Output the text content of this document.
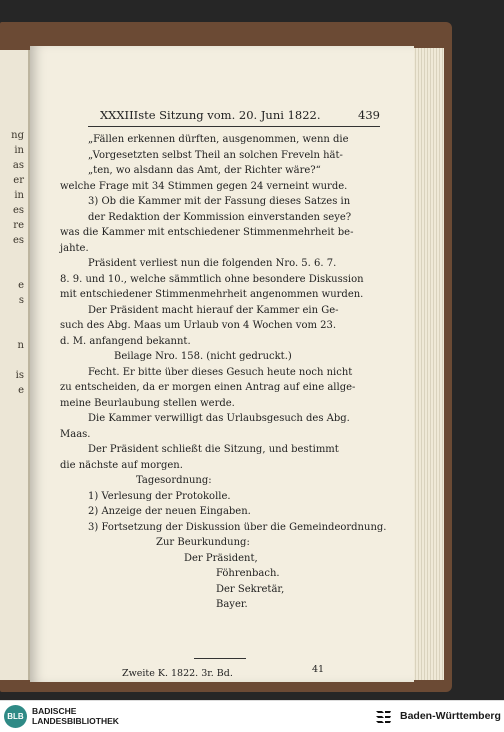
ng
in
as
er
in
es
re
es
e
s
n
is
e
XXXIIIste Sitzung vom. 20. Juni 1822.	439

„Fällen erkennen dürften, ausgenommen, wenn die

„Vorgesetzten selbst Theil an solchen Freveln hät-

„ten, wo alsdann das Amt, der Richter wäre?“

welche Frage mit 34 Stimmen gegen 24 verneint wurde.

3) Ob die Kammer mit der Fassung dieses Satzes in

der Redaktion der Kommission einverstanden seye?

was die Kammer mit entschiedener Stimmenmehrheit be-

jahte.

Präsident verliest nun die folgenden Nro. 5. 6. 7.

8. 9. und 10., welche sämmtlich ohne besondere Diskussion

mit entschiedener Stimmenmehrheit angenommen wurden.

Der Präsident macht hierauf der Kammer ein Ge-

such des Abg. Maas um Urlaub von 4 Wochen vom 23.

d. M. anfangend bekannt.

Beilage Nro. 158. (nicht gedruckt.)

Fecht. Er bitte über dieses Gesuch heute noch nicht

zu entscheiden, da er morgen einen Antrag auf eine allge-

meine Beurlaubung stellen werde.

Die Kammer verwilligt das Urlaubsgesuch des Abg.

Maas.

Der Präsident schließt die Sitzung, und bestimmt

die nächste auf morgen.

Tagesordnung:

1) Verlesung der Protokolle.

2) Anzeige der neuen Eingaben.

3) Fortsetzung der Diskussion über die Gemeindeordnung.

Zur Beurkundung:

Der Präsident,

Föhrenbach.

Der Sekretär,

Bayer.

Zweite K. 1822. 3r. Bd.	41
BLB
BADISCHE
LANDESBIBLIOTHEK	Baden-Württemberg
